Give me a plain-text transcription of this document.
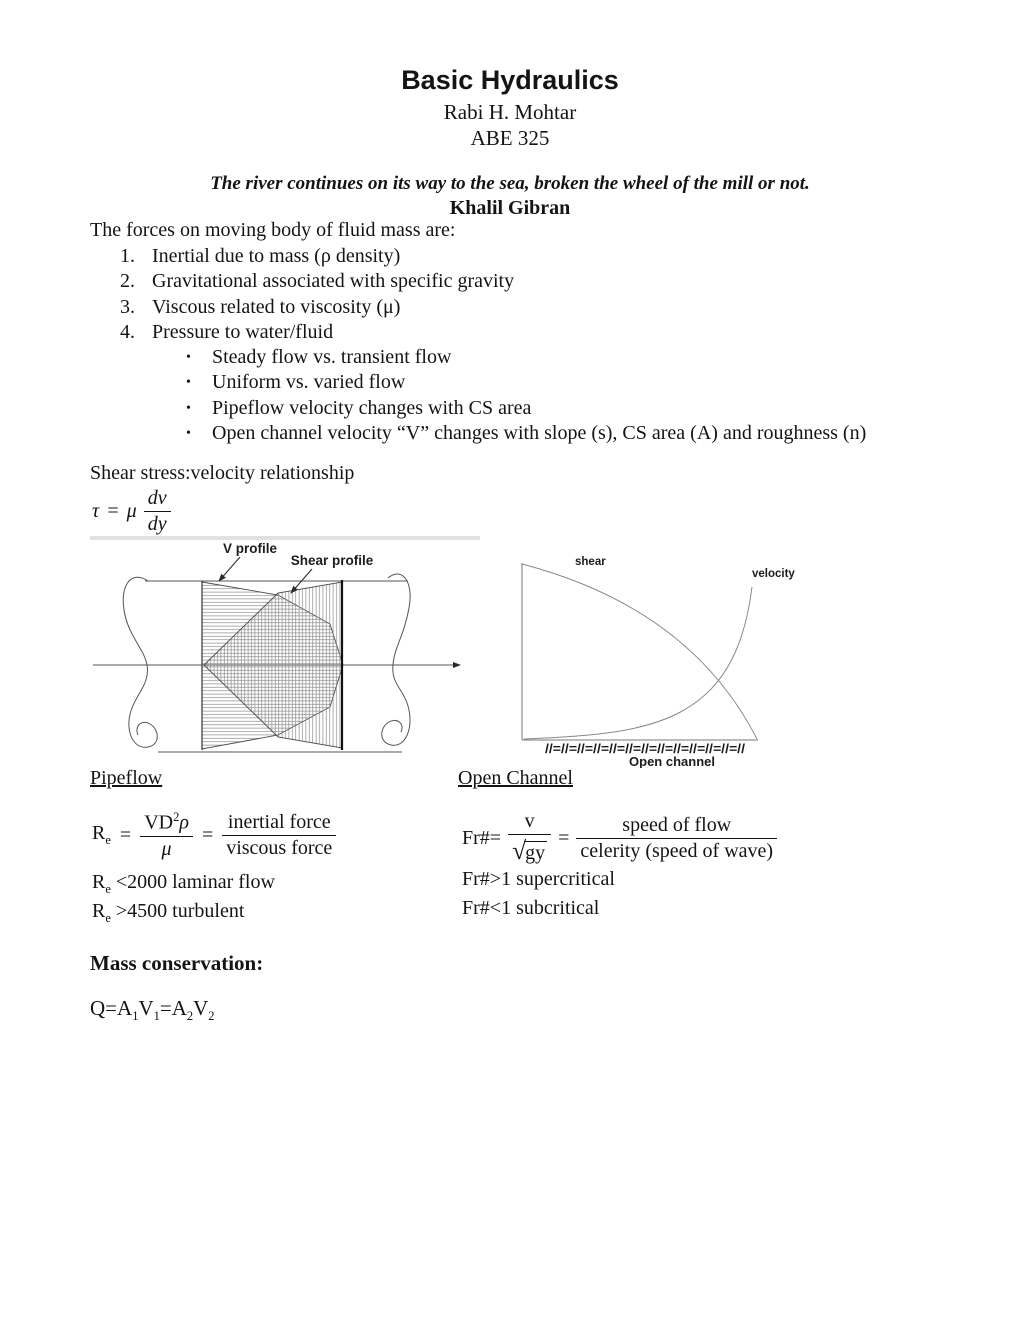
Basic Hydraulics
Rabi H. Mohtar
ABE 325
The river continues on its way to the sea, broken the wheel of the mill or not.
Khalil Gibran
The forces on moving body of fluid mass are:
1. Inertial due to mass (ρ density)
2. Gravitational associated with specific gravity
3. Viscous related to viscosity (μ)
4. Pressure to water/fluid
• Steady flow vs. transient flow
• Uniform vs. varied flow
• Pipeflow velocity changes with CS area
• Open channel velocity “V” changes with slope (s), CS area (A) and roughness (n)
Shear stress:velocity relationship
τ = μ $\frac{dv}{dy}$
V profile
Shear profile	shear
velocity
//=//=//=//=//=//=//=//=//=//=//=//=//
Open channel
Pipeflow	Open Channel
$R_e = \frac{VD^2\rho}{\mu} = \frac{\text{inertial force}}{\text{viscous force}}$
$R_e <2000$ laminar flow
$R_e >4500$ turbulent
Fr#= $\frac{v}{√gy} = \frac{\text{speed of flow}}{\text{celerity (speed of wave)}}$
Fr#>1 supercritical
Fr#<1 subcritical
Mass conservation:
$Q=A_1V_1=A_2V_2$
